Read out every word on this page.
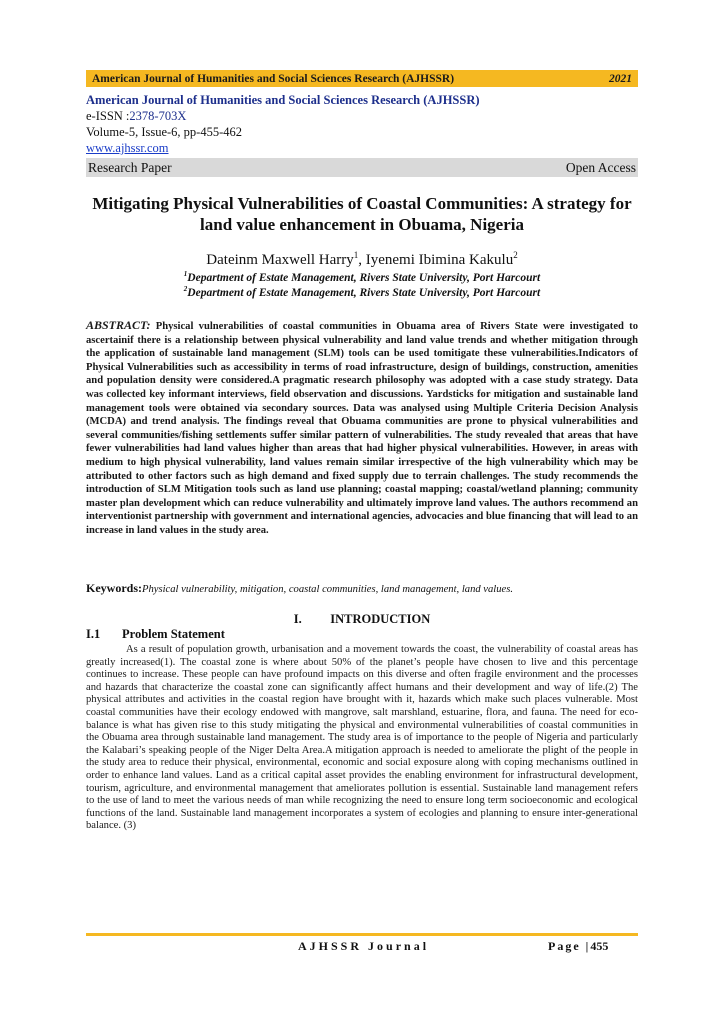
American Journal of Humanities and Social Sciences Research (AJHSSR)	2021
American Journal of Humanities and Social Sciences Research (AJHSSR)
e-ISSN :2378-703X
Volume-5, Issue-6, pp-455-462
www.ajhssr.com
Research Paper	Open Access
Mitigating Physical Vulnerabilities of Coastal Communities: A strategy for land value enhancement in Obuama, Nigeria
Dateinm Maxwell Harry$^1$, Iyenemi Ibimina Kakulu$^2$
$^1$Department of Estate Management, Rivers State University, Port Harcourt
$^2$Department of Estate Management, Rivers State University, Port Harcourt
ABSTRACT: Physical vulnerabilities of coastal communities in Obuama area of Rivers State were investigated to ascertainif there is a relationship between physical vulnerability and land value trends and whether mitigation through the application of sustainable land management (SLM) tools can be used tomitigate these vulnerabilities.Indicators of Physical Vulnerabilities such as accessibility in terms of road infrastructure, design of buildings, construction, amenities and population density were considered.A pragmatic research philosophy was adopted with a case study strategy. Data was collected key informant interviews, field observation and discussions. Yardsticks for mitigation and sustainable land management tools were obtained via secondary sources. Data was analysed using Multiple Criteria Decision Analysis (MCDA) and trend analysis. The findings reveal that Obuama communities are prone to physical vulnerabilities and several communities/fishing settlements suffer similar pattern of vulnerabilities. The study revealed that areas that have fewer vulnerabilities had land values higher than areas that had higher physical vulnerabilities. However, in areas with medium to high physical vulnerability, land values remain similar irrespective of the high vulnerability which may be attributed to other factors such as high demand and fixed supply due to terrain challenges. The study recommends the introduction of SLM Mitigation tools such as land use planning; coastal mapping; coastal/wetland planning; community master plan development which can reduce vulnerability and ultimately improve land values. The authors recommend an interventionist partnership with government and international agencies, advocacies and blue financing that will lead to an increase in land values in the study area.
Keywords:Physical vulnerability, mitigation, coastal communities, land management, land values.
I. INTRODUCTION
I.1 Problem Statement
As a result of population growth, urbanisation and a movement towards the coast, the vulnerability of coastal areas has greatly increased(1). The coastal zone is where about 50% of the planet’s people have chosen to live and this percentage continues to increase. These people can have profound impacts on this diverse and often fragile environment and the processes and hazards that characterize the coastal zone can significantly affect humans and their development and way of life.(2) The physical attributes and activities in the coastal region have brought with it, hazards which make such places vulnerable. Most coastal communities have their ecology endowed with mangrove, salt marshland, estuarine, flora, and fauna. The need for eco-balance is what has given rise to this study mitigating the physical and environmental vulnerabilities of coastal communities in the Obuama area through sustainable land management. The study area is of importance to the people of Nigeria and particularly the Kalabari’s speaking people of the Niger Delta Area.A mitigation approach is needed to ameliorate the plight of the people in the study area to reduce their physical, environmental, economic and social exposure along with coping mechanisms outlined in order to enhance land values. Land as a critical capital asset provides the enabling environment for infrastructural development, tourism, agriculture, and environmental management that ameliorates pollution is essential. Sustainable land management refers to the use of land to meet the various needs of man while recognizing the need to ensure long term socioeconomic and ecological functions of the land. Sustainable land management incorporates a system of ecologies and planning to ensure inter-generational balance. (3)
AJHSSR Journal	Page |455
